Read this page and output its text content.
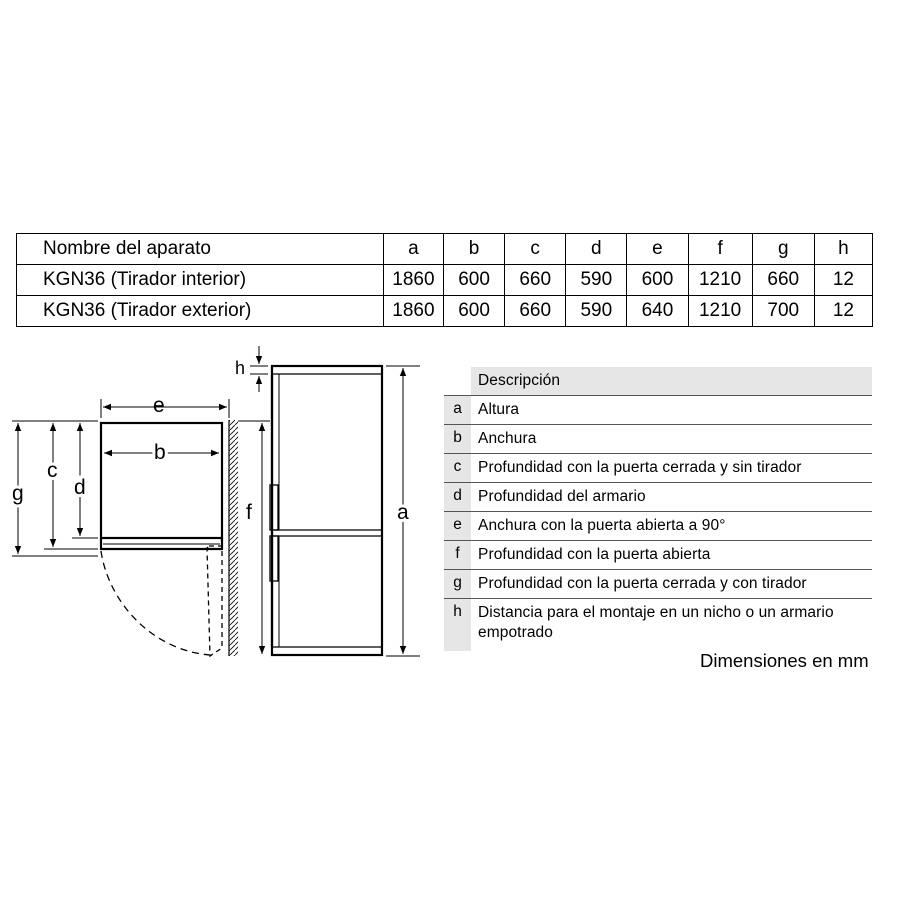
Nombre del aparato	a	b	c	d	e	f	g	h
KGN36 (Tirador interior)	1860	600	660	590	600	1210	660	12
KGN36 (Tirador exterior)	1860	600	660	590	640	1210	700	12
e
b
g
c
d
f	a
h
Descripción
a	Altura
b	Anchura
c	Profundidad con la puerta cerrada y sin tirador
d	Profundidad del armario
e	Anchura con la puerta abierta a 90°
f	Profundidad con la puerta abierta
g	Profundidad con la puerta cerrada y con tirador
h	Distancia para el montaje en un nicho o un armario empotrado
Dimensiones en mm
